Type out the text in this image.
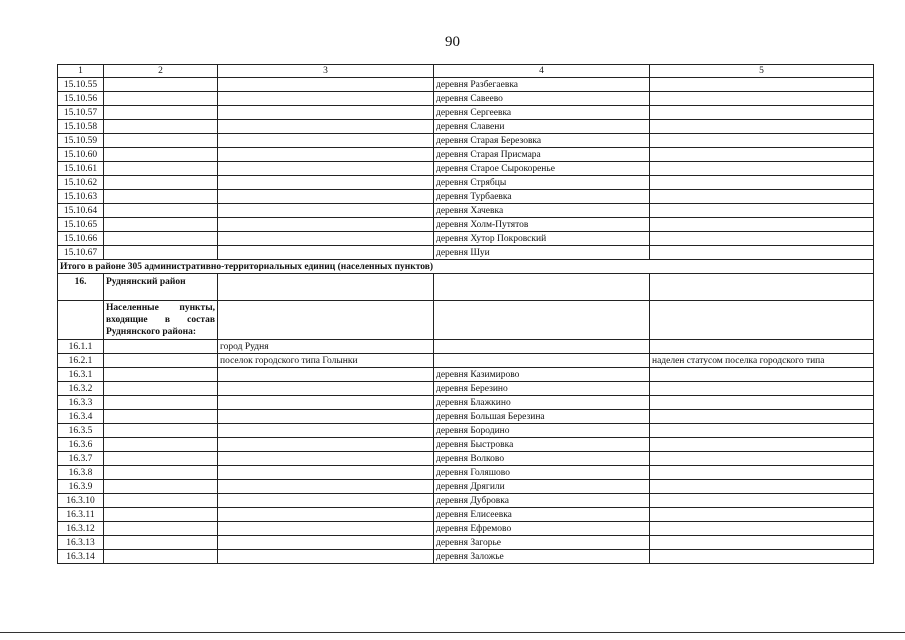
90
1	2	3	4	5
15.10.55			деревня Разбегаевка	
15.10.56			деревня Савеево	
15.10.57			деревня Сергеевка	
15.10.58			деревня Славени	
15.10.59			деревня Старая Березовка	
15.10.60			деревня Старая Присмара	
15.10.61			деревня Старое Сырокоренье	
15.10.62			деревня Стрябцы	
15.10.63			деревня Турбаевка	
15.10.64			деревня Хачевка	
15.10.65			деревня Холм-Путятов	
15.10.66			деревня Хутор Покровский	
15.10.67			деревня Шуи	
Итого в районе 305 административно-территориальных единиц (населенных пунктов)				
16.	Руднянский район			
	Населенные пункты, входящие в состав Руднянского района:			
16.1.1		город Рудня		
16.2.1		поселок городского типа Голынки		наделен статусом поселка городского типа
16.3.1			деревня Казимирово	
16.3.2			деревня Березино	
16.3.3			деревня Блажкино	
16.3.4			деревня Большая Березина	
16.3.5			деревня Бородино	
16.3.6			деревня Быстровка	
16.3.7			деревня Волково	
16.3.8			деревня Голяшово	
16.3.9			деревня Дрягили	
16.3.10			деревня Дубровка	
16.3.11			деревня Елисеевка	
16.3.12			деревня Ефремово	
16.3.13			деревня Загорье	
16.3.14			деревня Заложье	
